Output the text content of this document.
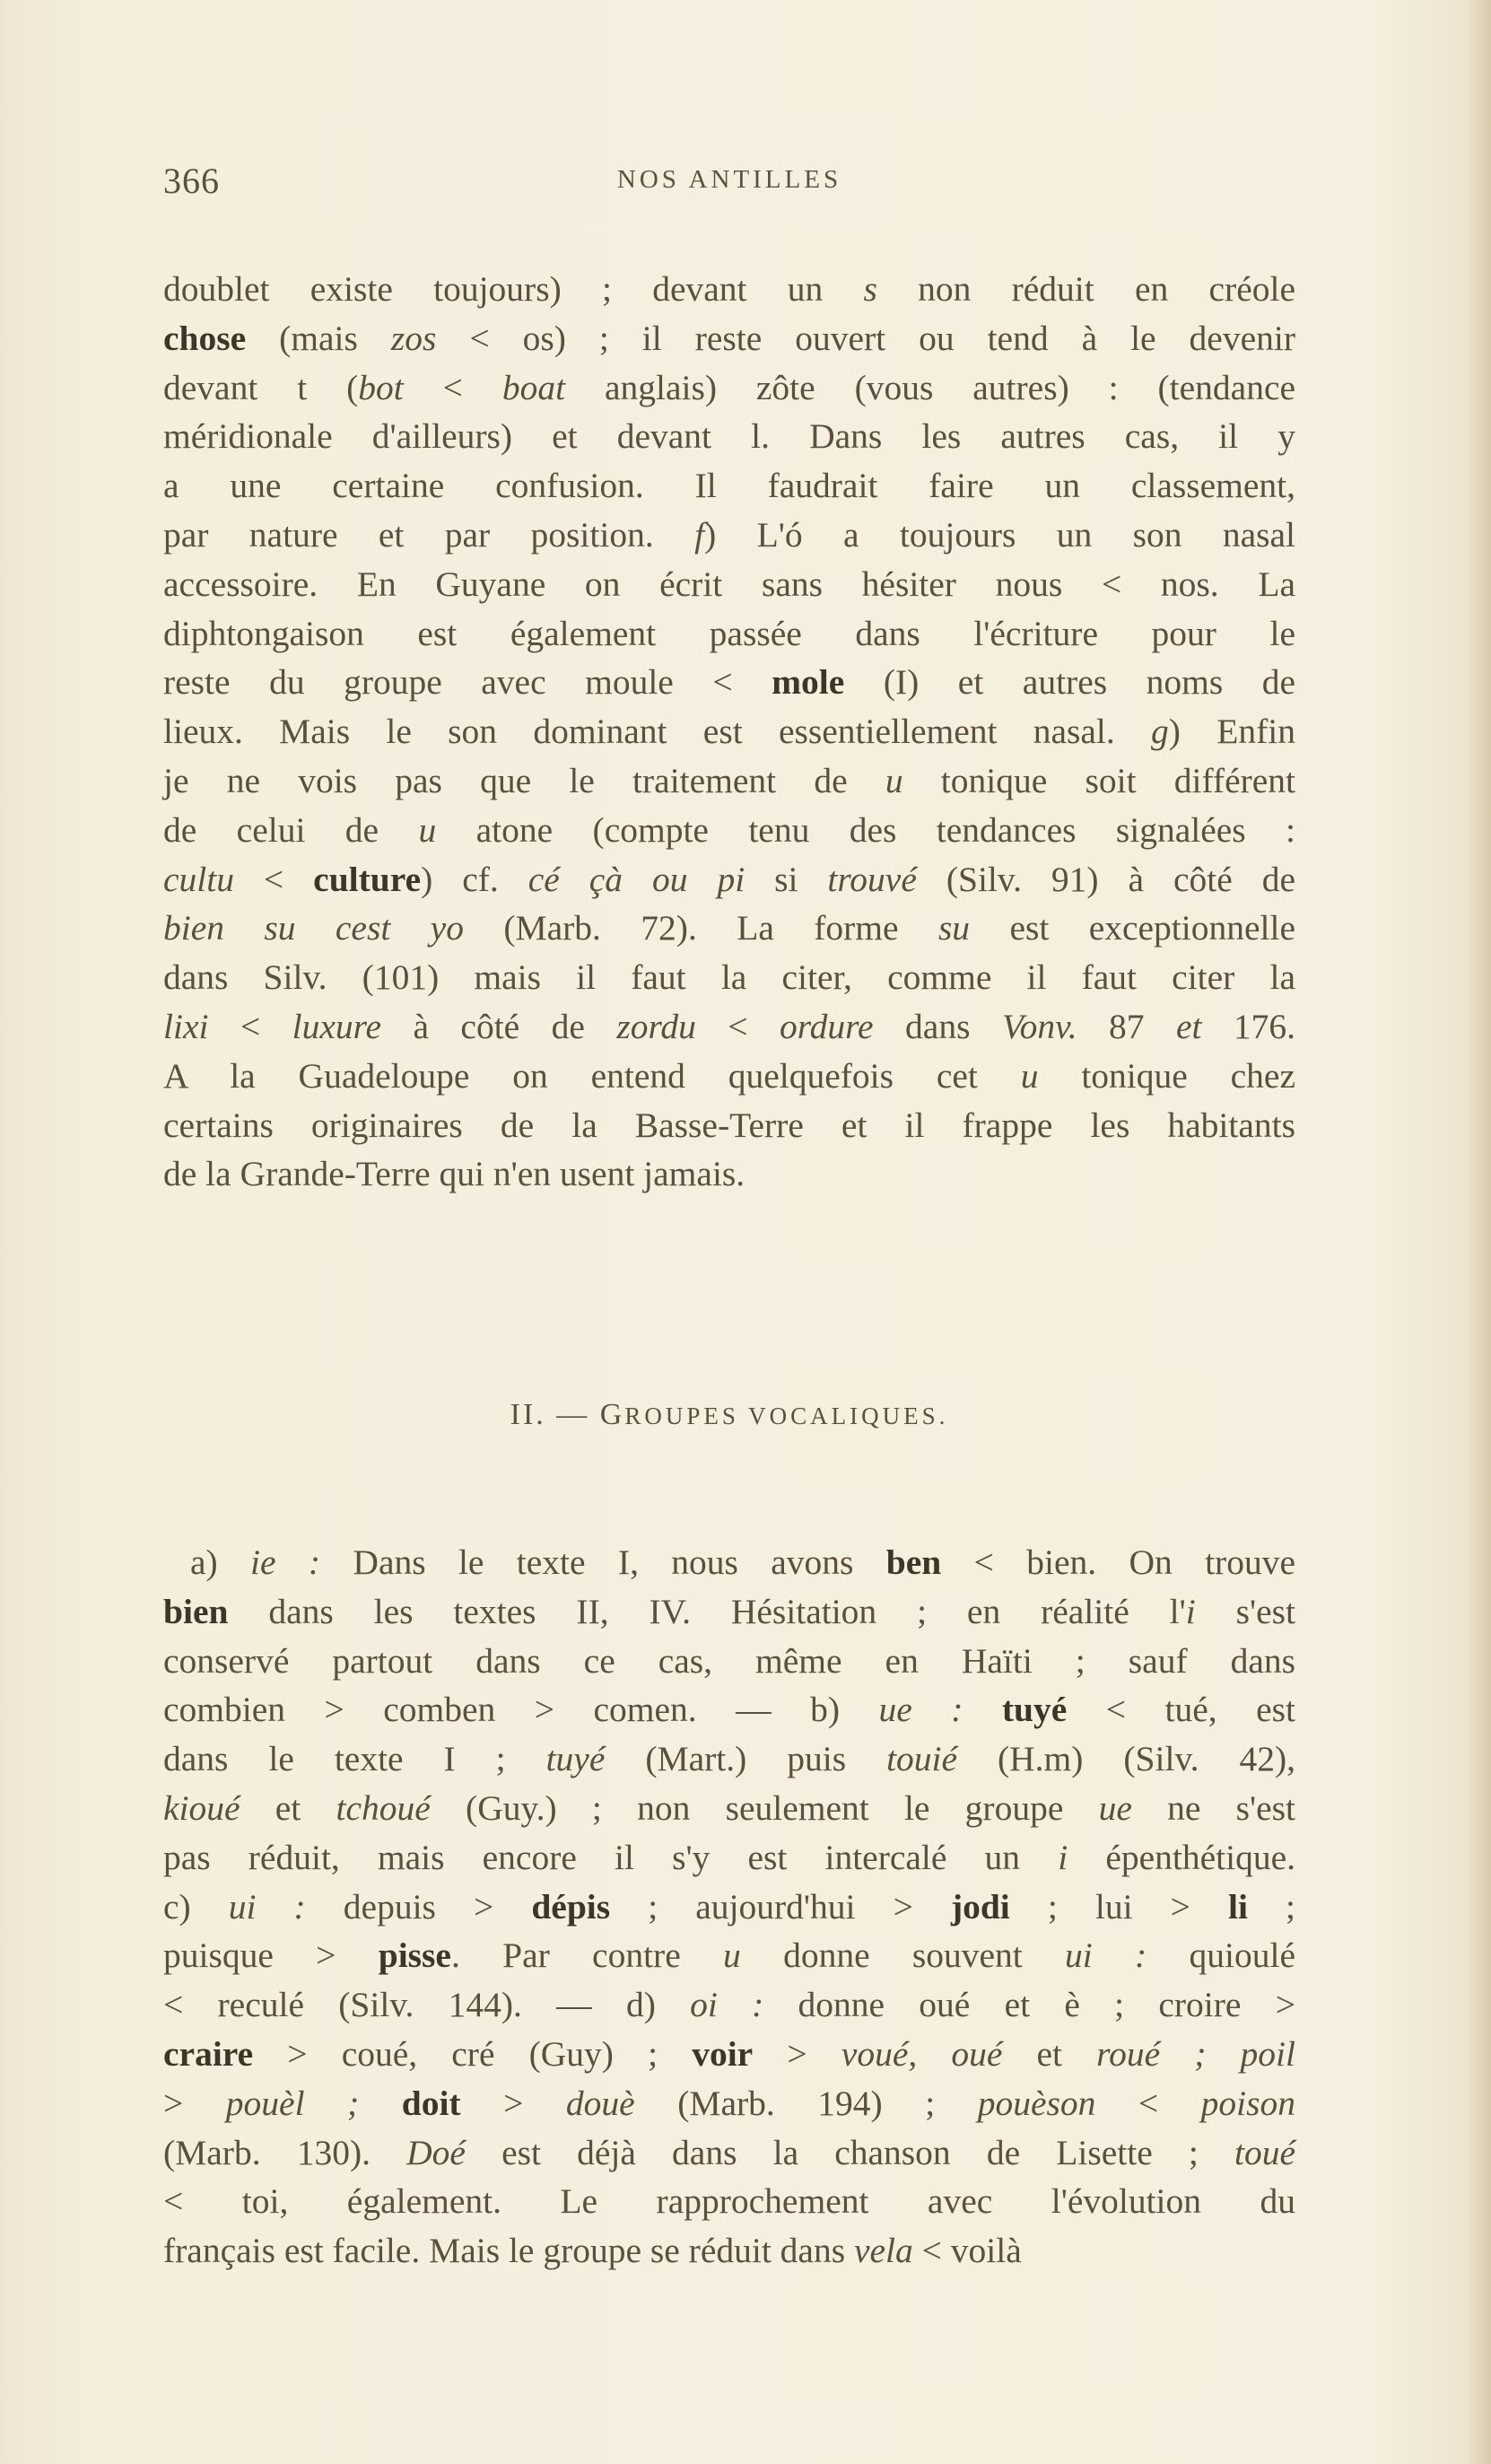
366	NOS ANTILLES
doublet existe toujours) ; devant un s non réduit en créole
chose (mais zos < os) ; il reste ouvert ou tend à le devenir
devant t (bot < boat anglais) zôte (vous autres) : (tendance
méridionale d'ailleurs) et devant l. Dans les autres cas, il y
a une certaine confusion. Il faudrait faire un classement,
par nature et par position. f) L'ó a toujours un son nasal
accessoire. En Guyane on écrit sans hésiter nous < nos. La
diphtongaison est également passée dans l'écriture pour le
reste du groupe avec moule < mole (I) et autres noms de
lieux. Mais le son dominant est essentiellement nasal. g) Enfin
je ne vois pas que le traitement de u tonique soit différent
de celui de u atone (compte tenu des tendances signalées :
cultu < culture) cf. cé çà ou pi si trouvé (Silv. 91) à côté de
bien su cest yo (Marb. 72). La forme su est exceptionnelle
dans Silv. (101) mais il faut la citer, comme il faut citer la
lixi < luxure à côté de zordu < ordure dans Vonv. 87 et 176.
A la Guadeloupe on entend quelquefois cet u tonique chez
certains originaires de la Basse-Terre et il frappe les habitants
de la Grande-Terre qui n'en usent jamais.
II. — GROUPES VOCALIQUES.
a) ie : Dans le texte I, nous avons ben < bien. On trouve
bien dans les textes II, IV. Hésitation ; en réalité l'i s'est
conservé partout dans ce cas, même en Haïti ; sauf dans
combien > comben > comen. — b) ue : tuyé < tué, est
dans le texte I ; tuyé (Mart.) puis touié (H.m) (Silv. 42),
kioué et tchoué (Guy.) ; non seulement le groupe ue ne s'est
pas réduit, mais encore il s'y est intercalé un i épenthétique.
c) ui : depuis > dépis ; aujourd'hui > jodi ; lui > li ;
puisque > pisse. Par contre u donne souvent ui : quioulé
< reculé (Silv. 144). — d) oi : donne oué et è ; croire >
craire > coué, cré (Guy) ; voir > voué, oué et roué ; poil
> pouèl ; doit > douè (Marb. 194) ; pouèson < poison
(Marb. 130). Doé est déjà dans la chanson de Lisette ; toué
< toi, également. Le rapprochement avec l'évolution du
français est facile. Mais le groupe se réduit dans vela < voilà
